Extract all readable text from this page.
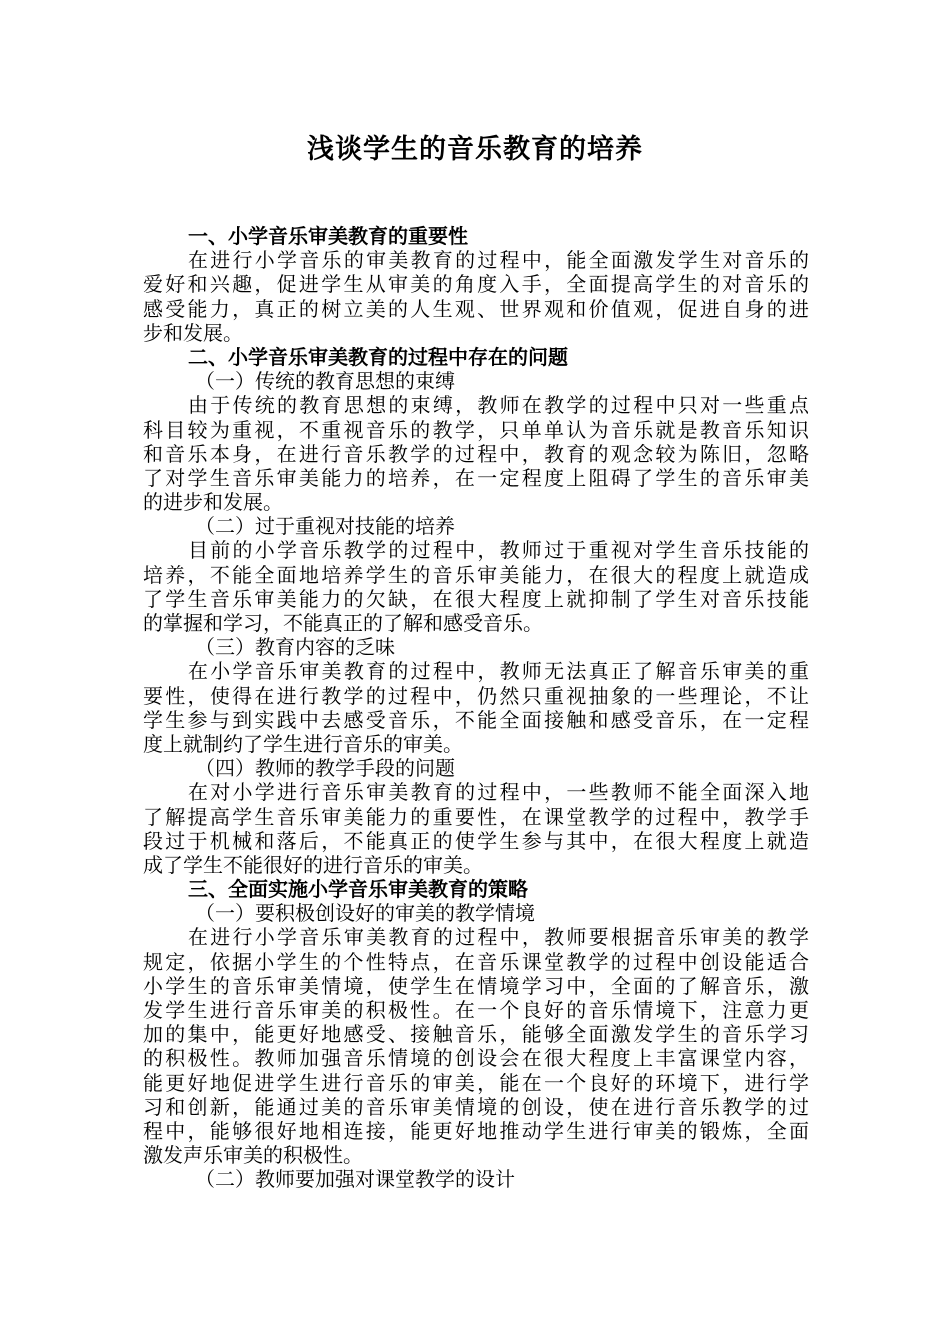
浅谈学生的音乐教育的培养
一、小学音乐审美教育的重要性
在进行小学音乐的审美教育的过程中，能全面激发学生对音乐的
爱好和兴趣，促进学生从审美的角度入手，全面提高学生的对音乐的
感受能力，真正的树立美的人生观、世界观和价值观，促进自身的进
步和发展。
二、小学音乐审美教育的过程中存在的问题
（一）传统的教育思想的束缚
由于传统的教育思想的束缚，教师在教学的过程中只对一些重点
科目较为重视，不重视音乐的教学，只单单认为音乐就是教音乐知识
和音乐本身，在进行音乐教学的过程中，教育的观念较为陈旧，忽略
了对学生音乐审美能力的培养，在一定程度上阻碍了学生的音乐审美
的进步和发展。
（二）过于重视对技能的培养
目前的小学音乐教学的过程中，教师过于重视对学生音乐技能的
培养，不能全面地培养学生的音乐审美能力，在很大的程度上就造成
了学生音乐审美能力的欠缺，在很大程度上就抑制了学生对音乐技能
的掌握和学习，不能真正的了解和感受音乐。
（三）教育内容的乏味
在小学音乐审美教育的过程中，教师无法真正了解音乐审美的重
要性，使得在进行教学的过程中，仍然只重视抽象的一些理论，不让
学生参与到实践中去感受音乐，不能全面接触和感受音乐，在一定程
度上就制约了学生进行音乐的审美。
（四）教师的教学手段的问题
在对小学进行音乐审美教育的过程中，一些教师不能全面深入地
了解提高学生音乐审美能力的重要性，在课堂教学的过程中，教学手
段过于机械和落后，不能真正的使学生参与其中，在很大程度上就造
成了学生不能很好的进行音乐的审美。
三、全面实施小学音乐审美教育的策略
（一）要积极创设好的审美的教学情境
在进行小学音乐审美教育的过程中，教师要根据音乐审美的教学
规定，依据小学生的个性特点，在音乐课堂教学的过程中创设能适合
小学生的音乐审美情境，使学生在情境学习中，全面的了解音乐，激
发学生进行音乐审美的积极性。在一个良好的音乐情境下，注意力更
加的集中，能更好地感受、接触音乐，能够全面激发学生的音乐学习
的积极性。教师加强音乐情境的创设会在很大程度上丰富课堂内容，
能更好地促进学生进行音乐的审美，能在一个良好的环境下，进行学
习和创新，能通过美的音乐审美情境的创设，使在进行音乐教学的过
程中，能够很好地相连接，能更好地推动学生进行审美的锻炼，全面
激发声乐审美的积极性。
（二）教师要加强对课堂教学的设计
